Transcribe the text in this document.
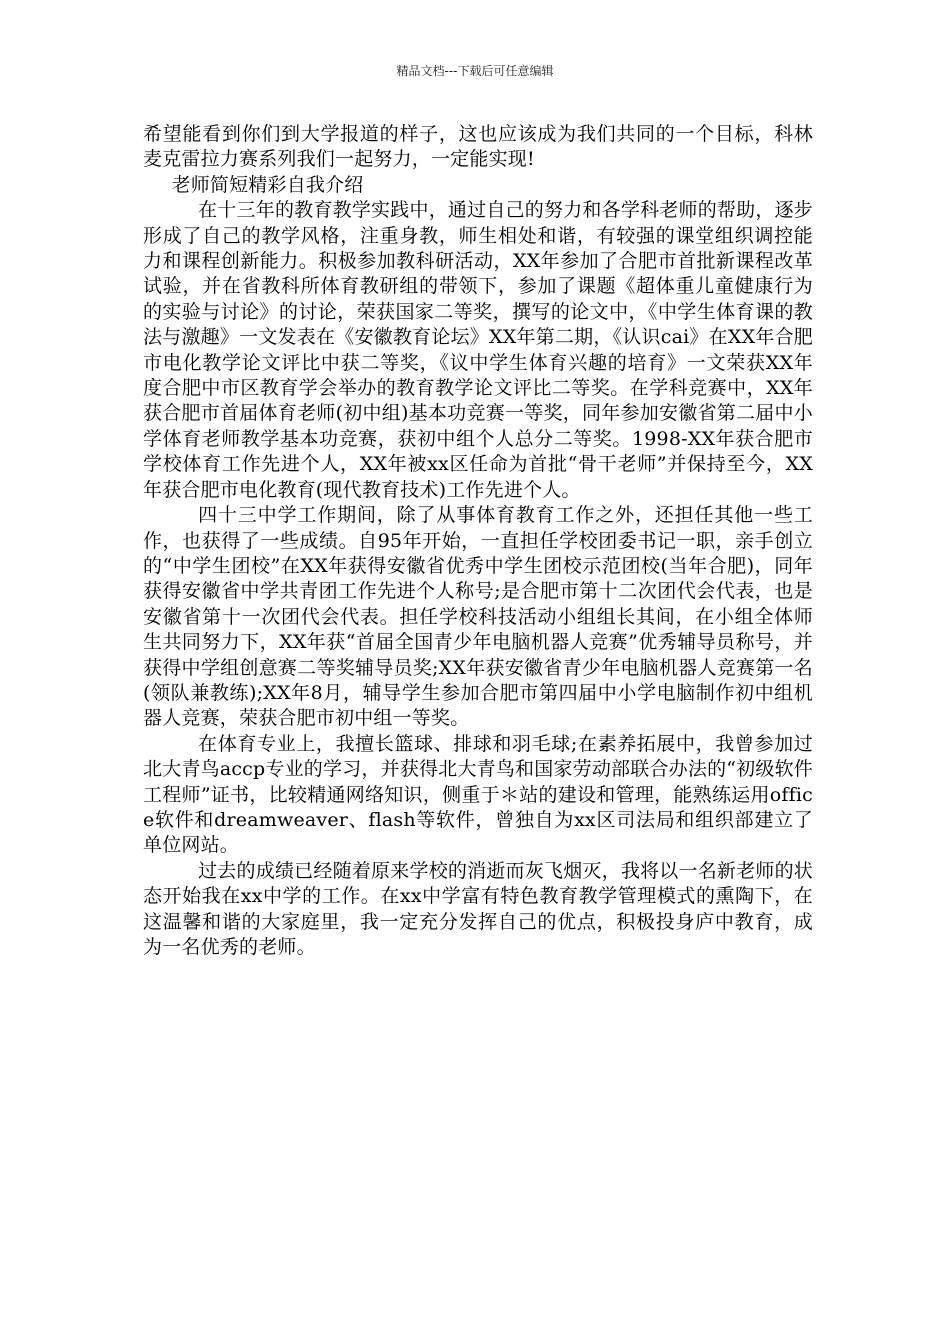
精品文档---下载后可任意编辑

希望能看到你们到大学报道的样子，这也应该成为我们共同的一个目标，科林麦克雷拉力赛系列我们一起努力，一定能实现!

老师简短精彩自我介绍

在十三年的教育教学实践中，通过自己的努力和各学科老师的帮助，逐步形成了自己的教学风格，注重身教，师生相处和谐，有较强的课堂组织调控能力和课程创新能力。积极参加教科研活动，XX年参加了合肥市首批新课程改革试验，并在省教科所体育教研组的带领下，参加了课题《超体重儿童健康行为的实验与讨论》的讨论，荣获国家二等奖，撰写的论文中，《中学生体育课的教法与激趣》一文发表在《安徽教育论坛》XX年第二期，《认识cai》在XX年合肥市电化教学论文评比中获二等奖，《议中学生体育兴趣的培育》一文荣获XX年度合肥中市区教育学会举办的教育教学论文评比二等奖。在学科竞赛中，XX年获合肥市首届体育老师(初中组)基本功竞赛一等奖，同年参加安徽省第二届中小学体育老师教学基本功竞赛，获初中组个人总分二等奖。1998-XX年获合肥市学校体育工作先进个人，XX年被xx区任命为首批“骨干老师”并保持至今，XX年获合肥市电化教育(现代教育技术)工作先进个人。

四十三中学工作期间，除了从事体育教育工作之外，还担任其他一些工作，也获得了一些成绩。自95年开始，一直担任学校团委书记一职，亲手创立的“中学生团校”在XX年获得安徽省优秀中学生团校示范团校(当年合肥)，同年获得安徽省中学共青团工作先进个人称号;是合肥市第十二次团代会代表，也是安徽省第十一次团代会代表。担任学校科技活动小组组长其间，在小组全体师生共同努力下，XX年获“首届全国青少年电脑机器人竞赛”优秀辅导员称号，并获得中学组创意赛二等奖辅导员奖;XX年获安徽省青少年电脑机器人竞赛第一名(领队兼教练);XX年8月，辅导学生参加合肥市第四届中小学电脑制作初中组机器人竞赛，荣获合肥市初中组一等奖。

在体育专业上，我擅长篮球、排球和羽毛球;在素养拓展中，我曾参加过北大青鸟accp专业的学习，并获得北大青鸟和国家劳动部联合办法的“初级软件工程师”证书，比较精通网络知识，侧重于＊站的建设和管理，能熟练运用office软件和dreamweaver、flash等软件，曾独自为xx区司法局和组织部建立了单位网站。

过去的成绩已经随着原来学校的消逝而灰飞烟灭，我将以一名新老师的状态开始我在xx中学的工作。在xx中学富有特色教育教学管理模式的熏陶下，在这温馨和谐的大家庭里，我一定充分发挥自己的优点，积极投身庐中教育，成为一名优秀的老师。
